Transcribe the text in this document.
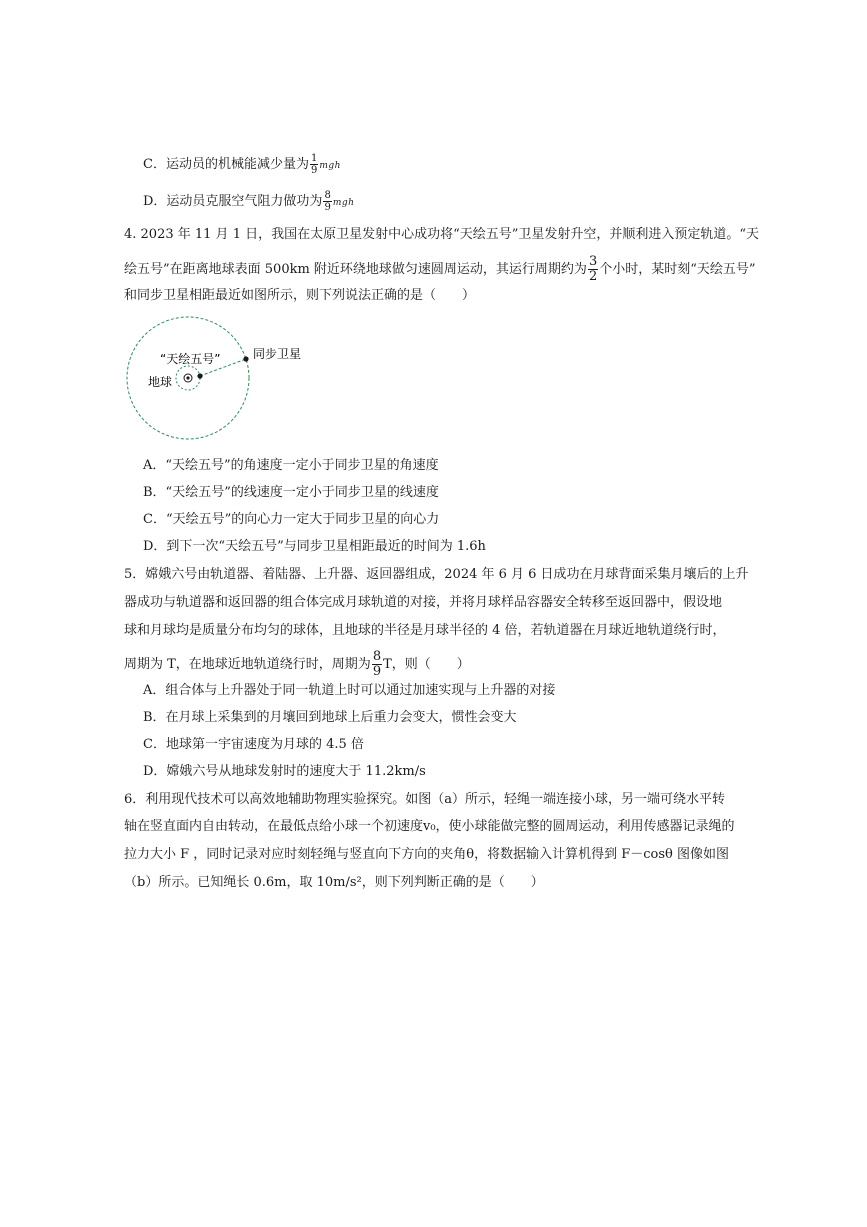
C．运动员的机械能减少量为 $\frac{1}{9}$ mgh
D．运动员克服空气阻力做功为 $\frac{8}{9}$ mgh
4. 2023 年 11 月 1 日，我国在太原卫星发射中心成功将“天绘五号”卫星发射升空，并顺利进入预定轨道。“天
绘五号”在距离地球表面 500km 附近环绕地球做匀速圆周运动，其运行周期约为 $\frac{3}{2}$ 个小时，某时刻“天绘五号”
和同步卫星相距最近如图所示，则下列说法正确的是（　　）
“天绘五号”	同步卫星
地球
A．“天绘五号”的角速度一定小于同步卫星的角速度
B．“天绘五号”的线速度一定小于同步卫星的线速度
C．“天绘五号”的向心力一定大于同步卫星的向心力
D．到下一次“天绘五号”与同步卫星相距最近的时间为 1.6h
5．嫦娥六号由轨道器、着陆器、上升器、返回器组成，2024 年 6 月 6 日成功在月球背面采集月壤后的上升
器成功与轨道器和返回器的组合体完成月球轨道的对接，并将月球样品容器安全转移至返回器中，假设地
球和月球均是质量分布均匀的球体，且地球的半径是月球半径的 4 倍，若轨道器在月球近地轨道绕行时，
周期为 T，在地球近地轨道绕行时，周期为 $\frac{8}{9}$ T，则（　　）
A．组合体与上升器处于同一轨道上时可以通过加速实现与上升器的对接
B．在月球上采集到的月壤回到地球上后重力会变大，惯性会变大
C．地球第一宇宙速度为月球的 4.5 倍
D．嫦娥六号从地球发射时的速度大于 11.2km/s
6．利用现代技术可以高效地辅助物理实验探究。如图（a）所示，轻绳一端连接小球，另一端可绕水平转
轴在竖直面内自由转动，在最低点给小球一个初速度v₀，使小球能做完整的圆周运动，利用传感器记录绳的
拉力大小 F ，同时记录对应时刻轻绳与竖直向下方向的夹角θ，将数据输入计算机得到 F－cosθ 图像如图
（b）所示。已知绳长 0.6m，取 10m/s²，则下列判断正确的是（　　）
